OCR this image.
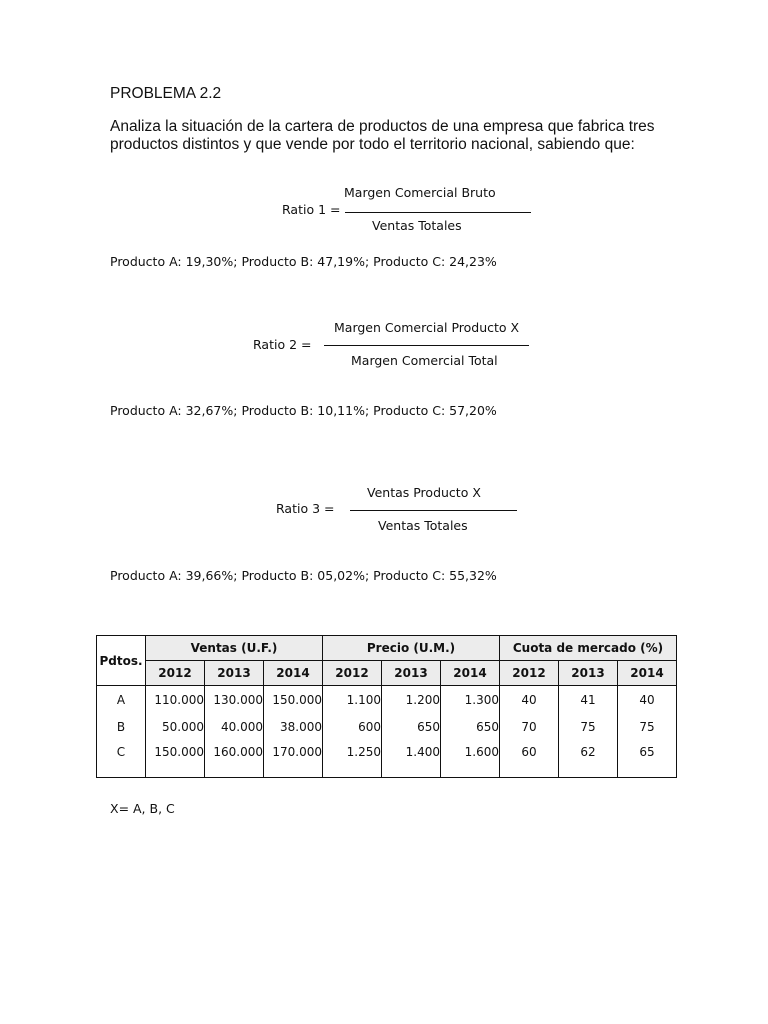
PROBLEMA 2.2
Analiza la situación de la cartera de productos de una empresa que fabrica tres productos distintos y que vende por todo el territorio nacional, sabiendo que:
Ratio 1 =
Margen Comercial Bruto
Ventas Totales
Producto A: 19,30%; Producto B: 47,19%; Producto C: 24,23%
Ratio 2 =
Margen Comercial Producto X
Margen Comercial Total
Producto A: 32,67%; Producto B: 10,11%; Producto C: 57,20%
Ratio 3 =
Ventas Producto X
Ventas Totales
Producto A: 39,66%; Producto B: 05,02%; Producto C: 55,32%
Pdtos.	Ventas (U.F.)			Precio (U.M.)			Cuota de mercado (%)		
	2012	2013	2014	2012	2013	2014	2012	2013	2014
A	110.000	130.000	150.000	1.100	1.200	1.300	40	41	40
B	50.000	40.000	38.000	600	650	650	70	75	75
C	150.000	160.000	170.000	1.250	1.400	1.600	60	62	65
X= A, B, C
